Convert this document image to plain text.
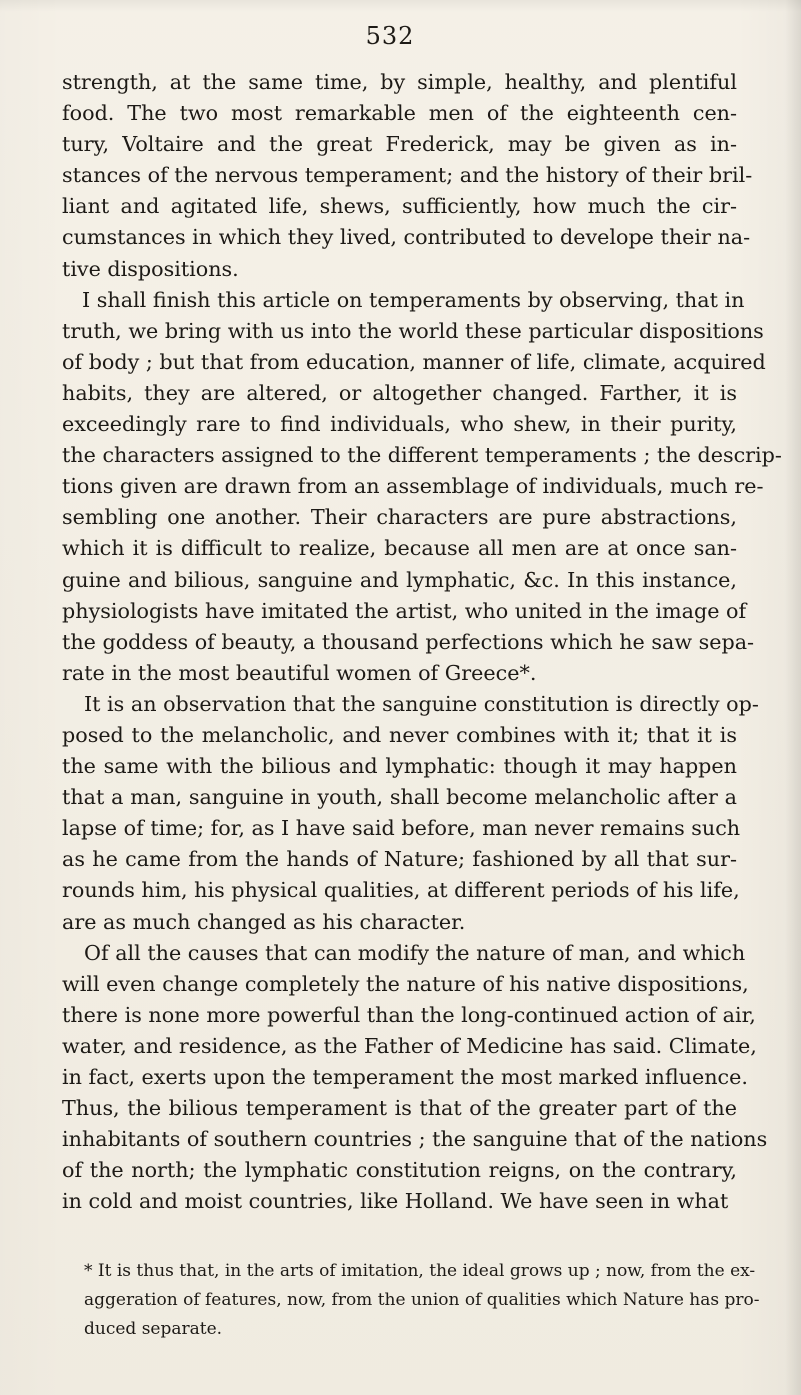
532
strength, at the same time, by simple, healthy, and plentiful
food. The two most remarkable men of the eighteenth cen-
tury, Voltaire and the great Frederick, may be given as in-
stances of the nervous temperament; and the history of their bril-
liant and agitated life, shews, sufficiently, how much the cir-
cumstances in which they lived, contributed to develope their na-
tive dispositions.
I shall finish this article on temperaments by observing, that in
truth, we bring with us into the world these particular dispositions
of body ; but that from education, manner of life, climate, acquired
habits, they are altered, or altogether changed. Farther, it is
exceedingly rare to find individuals, who shew, in their purity,
the characters assigned to the different temperaments ; the descrip-
tions given are drawn from an assemblage of individuals, much re-
sembling one another. Their characters are pure abstractions,
which it is difficult to realize, because all men are at once san-
guine and bilious, sanguine and lymphatic, &c. In this instance,
physiologists have imitated the artist, who united in the image of
the goddess of beauty, a thousand perfections which he saw sepa-
rate in the most beautiful women of Greece*.
It is an observation that the sanguine constitution is directly op-
posed to the melancholic, and never combines with it; that it is
the same with the bilious and lymphatic: though it may happen
that a man, sanguine in youth, shall become melancholic after a
lapse of time; for, as I have said before, man never remains such
as he came from the hands of Nature; fashioned by all that sur-
rounds him, his physical qualities, at different periods of his life,
are as much changed as his character.
Of all the causes that can modify the nature of man, and which
will even change completely the nature of his native dispositions,
there is none more powerful than the long-continued action of air,
water, and residence, as the Father of Medicine has said. Climate,
in fact, exerts upon the temperament the most marked influence.
Thus, the bilious temperament is that of the greater part of the
inhabitants of southern countries ; the sanguine that of the nations
of the north; the lymphatic constitution reigns, on the contrary,
in cold and moist countries, like Holland. We have seen in what
* It is thus that, in the arts of imitation, the ideal grows up ; now, from the ex-
aggeration of features, now, from the union of qualities which Nature has pro-
duced separate.
